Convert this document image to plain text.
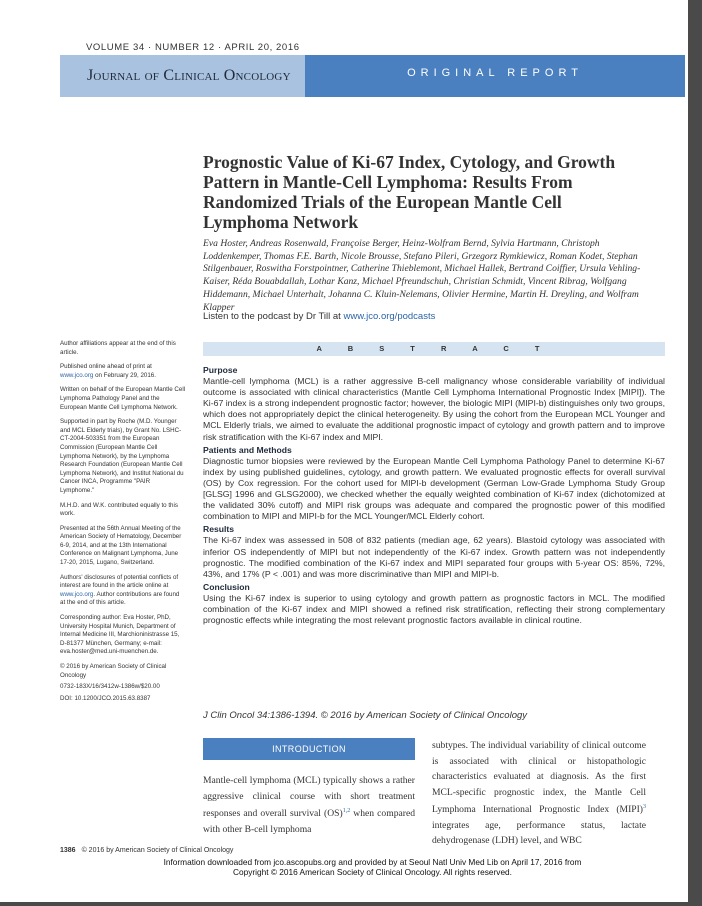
VOLUME 34 · NUMBER 12 · APRIL 20, 2016
Journal of Clinical Oncology	ORIGINAL REPORT
Prognostic Value of Ki-67 Index, Cytology, and Growth Pattern in Mantle-Cell Lymphoma: Results From Randomized Trials of the European Mantle Cell Lymphoma Network
Eva Hoster, Andreas Rosenwald, Françoise Berger, Heinz-Wolfram Bernd, Sylvia Hartmann, Christoph Loddenkemper, Thomas F.E. Barth, Nicole Brousse, Stefano Pileri, Grzegorz Rymkiewicz, Roman Kodet, Stephan Stilgenbauer, Roswitha Forstpointner, Catherine Thieblemont, Michael Hallek, Bertrand Coiffier, Ursula Vehling-Kaiser, Réda Bouabdallah, Lothar Kanz, Michael Pfreundschuh, Christian Schmidt, Vincent Ribrag, Wolfgang Hiddemann, Michael Unterhalt, Johanna C. Kluin-Nelemans, Olivier Hermine, Martin H. Dreyling, and Wolfram Klapper
Listen to the podcast by Dr Till at www.jco.org/podcasts

Author affiliations appear at the end of this article.

Published online ahead of print at www.jco.org on February 29, 2016.

Written on behalf of the European Mantle Cell Lymphoma Pathology Panel and the European Mantle Cell Lymphoma Network.

Supported in part by Roche (M.D. Younger and MCL Elderly trials), by Grant No. LSHC-CT-2004-503351 from the European Commission (European Mantle Cell Lymphoma Network), by the Lymphoma Research Foundation (European Mantle Cell Lymphoma Network), and Institut National du Cancer INCA, Programme "PAIR Lymphome."

M.H.D. and W.K. contributed equally to this work.

Presented at the 56th Annual Meeting of the American Society of Hematology, December 6-9, 2014, and at the 13th International Conference on Malignant Lymphoma, June 17-20, 2015, Lugano, Switzerland.

Authors' disclosures of potential conflicts of interest are found in the article online at www.jco.org. Author contributions are found at the end of this article.

Corresponding author: Eva Hoster, PhD, University Hospital Munich, Department of Internal Medicine III, Marchioninistrasse 15, D-81377 München, Germany; e-mail: eva.hoster@med.uni-muenchen.de.

© 2016 by American Society of Clinical Oncology

0732-183X/16/3412w-1386w/$20.00

DOI: 10.1200/JCO.2015.63.8387

A B S T R A C T
Purpose

Mantle-cell lymphoma (MCL) is a rather aggressive B-cell malignancy whose considerable variability of individual outcome is associated with clinical characteristics (Mantle Cell Lymphoma International Prognostic Index [MIPI]). The Ki-67 index is a strong independent prognostic factor; however, the biologic MIPI (MIPI-b) distinguishes only two groups, which does not appropriately depict the clinical heterogeneity. By using the cohort from the European MCL Younger and MCL Elderly trials, we aimed to evaluate the additional prognostic impact of cytology and growth pattern and to improve risk stratification with the Ki-67 index and MIPI.

Patients and Methods

Diagnostic tumor biopsies were reviewed by the European Mantle Cell Lymphoma Pathology Panel to determine Ki-67 index by using published guidelines, cytology, and growth pattern. We evaluated prognostic effects for overall survival (OS) by Cox regression. For the cohort used for MIPI-b development (German Low-Grade Lymphoma Study Group [GLSG] 1996 and GLSG2000), we checked whether the equally weighted combination of Ki-67 index (dichotomized at the validated 30% cutoff) and MIPI risk groups was adequate and compared the prognostic power of this modified combination to MIPI and MIPI-b for the MCL Younger/MCL Elderly cohort.

Results

The Ki-67 index was assessed in 508 of 832 patients (median age, 62 years). Blastoid cytology was associated with inferior OS independently of MIPI but not independently of the Ki-67 index. Growth pattern was not independently prognostic. The modified combination of the Ki-67 index and MIPI separated four groups with 5-year OS: 85%, 72%, 43%, and 17% (P < .001) and was more discriminative than MIPI and MIPI-b.

Conclusion

Using the Ki-67 index is superior to using cytology and growth pattern as prognostic factors in MCL. The modified combination of the Ki-67 index and MIPI showed a refined risk stratification, reflecting their strong complementary prognostic effects while integrating the most relevant prognostic factors available in clinical routine.

J Clin Oncol 34:1386-1394. © 2016 by American Society of Clinical Oncology
INTRODUCTION
Mantle-cell lymphoma (MCL) typically shows a rather aggressive clinical course with short treatment responses and overall survival (OS)$^{1,2}$ when compared with other B-cell lymphoma
subtypes. The individual variability of clinical outcome is associated with clinical or histopathologic characteristics evaluated at diagnosis. As the first MCL-specific prognostic index, the Mantle Cell Lymphoma International Prognostic Index (MIPI)$^3$ integrates age, performance status, lactate dehydrogenase (LDH) level, and WBC
1386 © 2016 by American Society of Clinical Oncology
Information downloaded from jco.ascopubs.org and provided by at Seoul Natl Univ Med Lib on April 17, 2016 from
Copyright © 2016 American Society of Clinical Oncology. All rights reserved.
